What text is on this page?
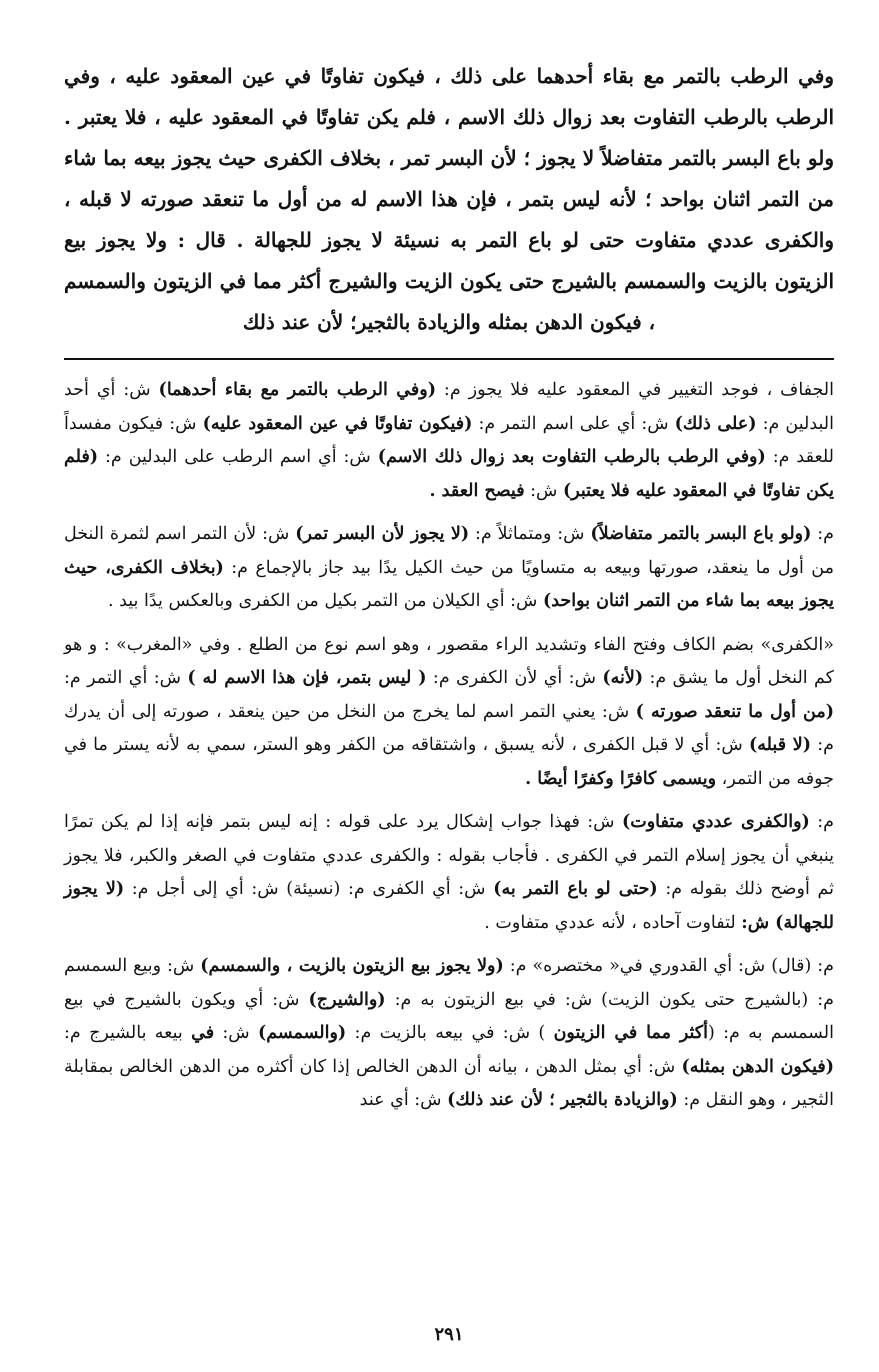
وفي الرطب بالتمر مع بقاء أحدهما على ذلك ، فيكون تفاوتًا في عين المعقود عليه ، وفي الرطب بالرطب التفاوت بعد زوال ذلك الاسم ، فلم يكن تفاوتًا في المعقود عليه ، فلا يعتبر . ولو باع البسر بالتمر متفاضلاً لا يجوز ؛ لأن البسر تمر ، بخلاف الكفرى حيث يجوز بيعه بما شاء من التمر اثنان بواحد ؛ لأنه ليس بتمر ، فإن هذا الاسم له من أول ما تنعقد صورته لا قبله ، والكفرى عددي متفاوت حتى لو باع التمر به نسيئة لا يجوز للجهالة . قال : ولا يجوز بيع الزيتون بالزيت والسمسم بالشيرج حتى يكون الزيت والشيرج أكثر مما في الزيتون والسمسم ، فيكون الدهن بمثله والزيادة بالثجير؛ لأن عند ذلك

الجفاف ، فوجد التغيير في المعقود عليه فلا يجوز م: (وفي الرطب بالتمر مع بقاء أحدهما) ش: أي أحد البدلين م: (على ذلك) ش: أي على اسم التمر م: (فيكون تفاوتًا في عين المعقود عليه) ش: فيكون مفسداً للعقد م: (وفي الرطب بالرطب التفاوت بعد زوال ذلك الاسم) ش: أي اسم الرطب على البدلين م: (فلم يكن تفاوتًا في المعقود عليه فلا يعتبر) ش: فيصح العقد .

م: (ولو باع البسر بالتمر متفاضلاً) ش: ومتماثلاً م: (لا يجوز لأن البسر تمر) ش: لأن التمر اسم لثمرة النخل من أول ما ينعقد، صورتها وبيعه به متساويًا من حيث الكيل يدًا بيد جاز بالإجماع م: (بخلاف الكفرى، حيث يجوز بيعه بما شاء من التمر اثنان بواحد) ش: أي الكيلان من التمر بكيل من الكفرى وبالعكس يدًا بيد .

«الكفرى» بضم الكاف وفتح الفاء وتشديد الراء مقصور ، وهو اسم نوع من الطلع . وفي «المغرب» : و هو كم النخل أول ما يشق م: (لأنه) ش: أي لأن الكفرى م: ( ليس بتمر، فإن هذا الاسم له ) ش: أي التمر م: (من أول ما تنعقد صورته ) ش: يعني التمر اسم لما يخرج من النخل من حين ينعقد ، صورته إلى أن يدرك م: (لا قبله) ش: أي لا قبل الكفرى ، لأنه يسبق ، واشتقاقه من الكفر وهو الستر، سمي به لأنه يستر ما في جوفه من التمر، ويسمى كافرًا وكفرًا أيضًا .

م: (والكفرى عددي متفاوت) ش: فهذا جواب إشكال يرد على قوله : إنه ليس بتمر فإنه إذا لم يكن تمرًا ينبغي أن يجوز إسلام التمر في الكفرى . فأجاب بقوله : والكفرى عددي متفاوت في الصغر والكبر، فلا يجوز ثم أوضح ذلك بقوله م: (حتى لو باع التمر به) ش: أي الكفرى م: (نسيئة) ش: أي إلى أجل م: (لا يجوز للجهالة) ش: لتفاوت آحاده ، لأنه عددي متفاوت .

م: (قال) ش: أي القدوري في« مختصره» م: (ولا يجوز بيع الزيتون بالزيت ، والسمسم) ش: وبيع السمسم م: (بالشيرج حتى يكون الزيت) ش: في بيع الزيتون به م: (والشيرج) ش: أي ويكون بالشيرج في بيع السمسم به م: (أكثر مما في الزيتون ) ش: في بيعه بالزيت م: (والسمسم) ش: في بيعه بالشيرج م: (فيكون الدهن بمثله) ش: أي بمثل الدهن ، بيانه أن الدهن الخالص إذا كان أكثره من الدهن الخالص بمقابلة الثجير ، وهو النقل م: (والزيادة بالثجير ؛ لأن عند ذلك) ش: أي عند

٢٩١
